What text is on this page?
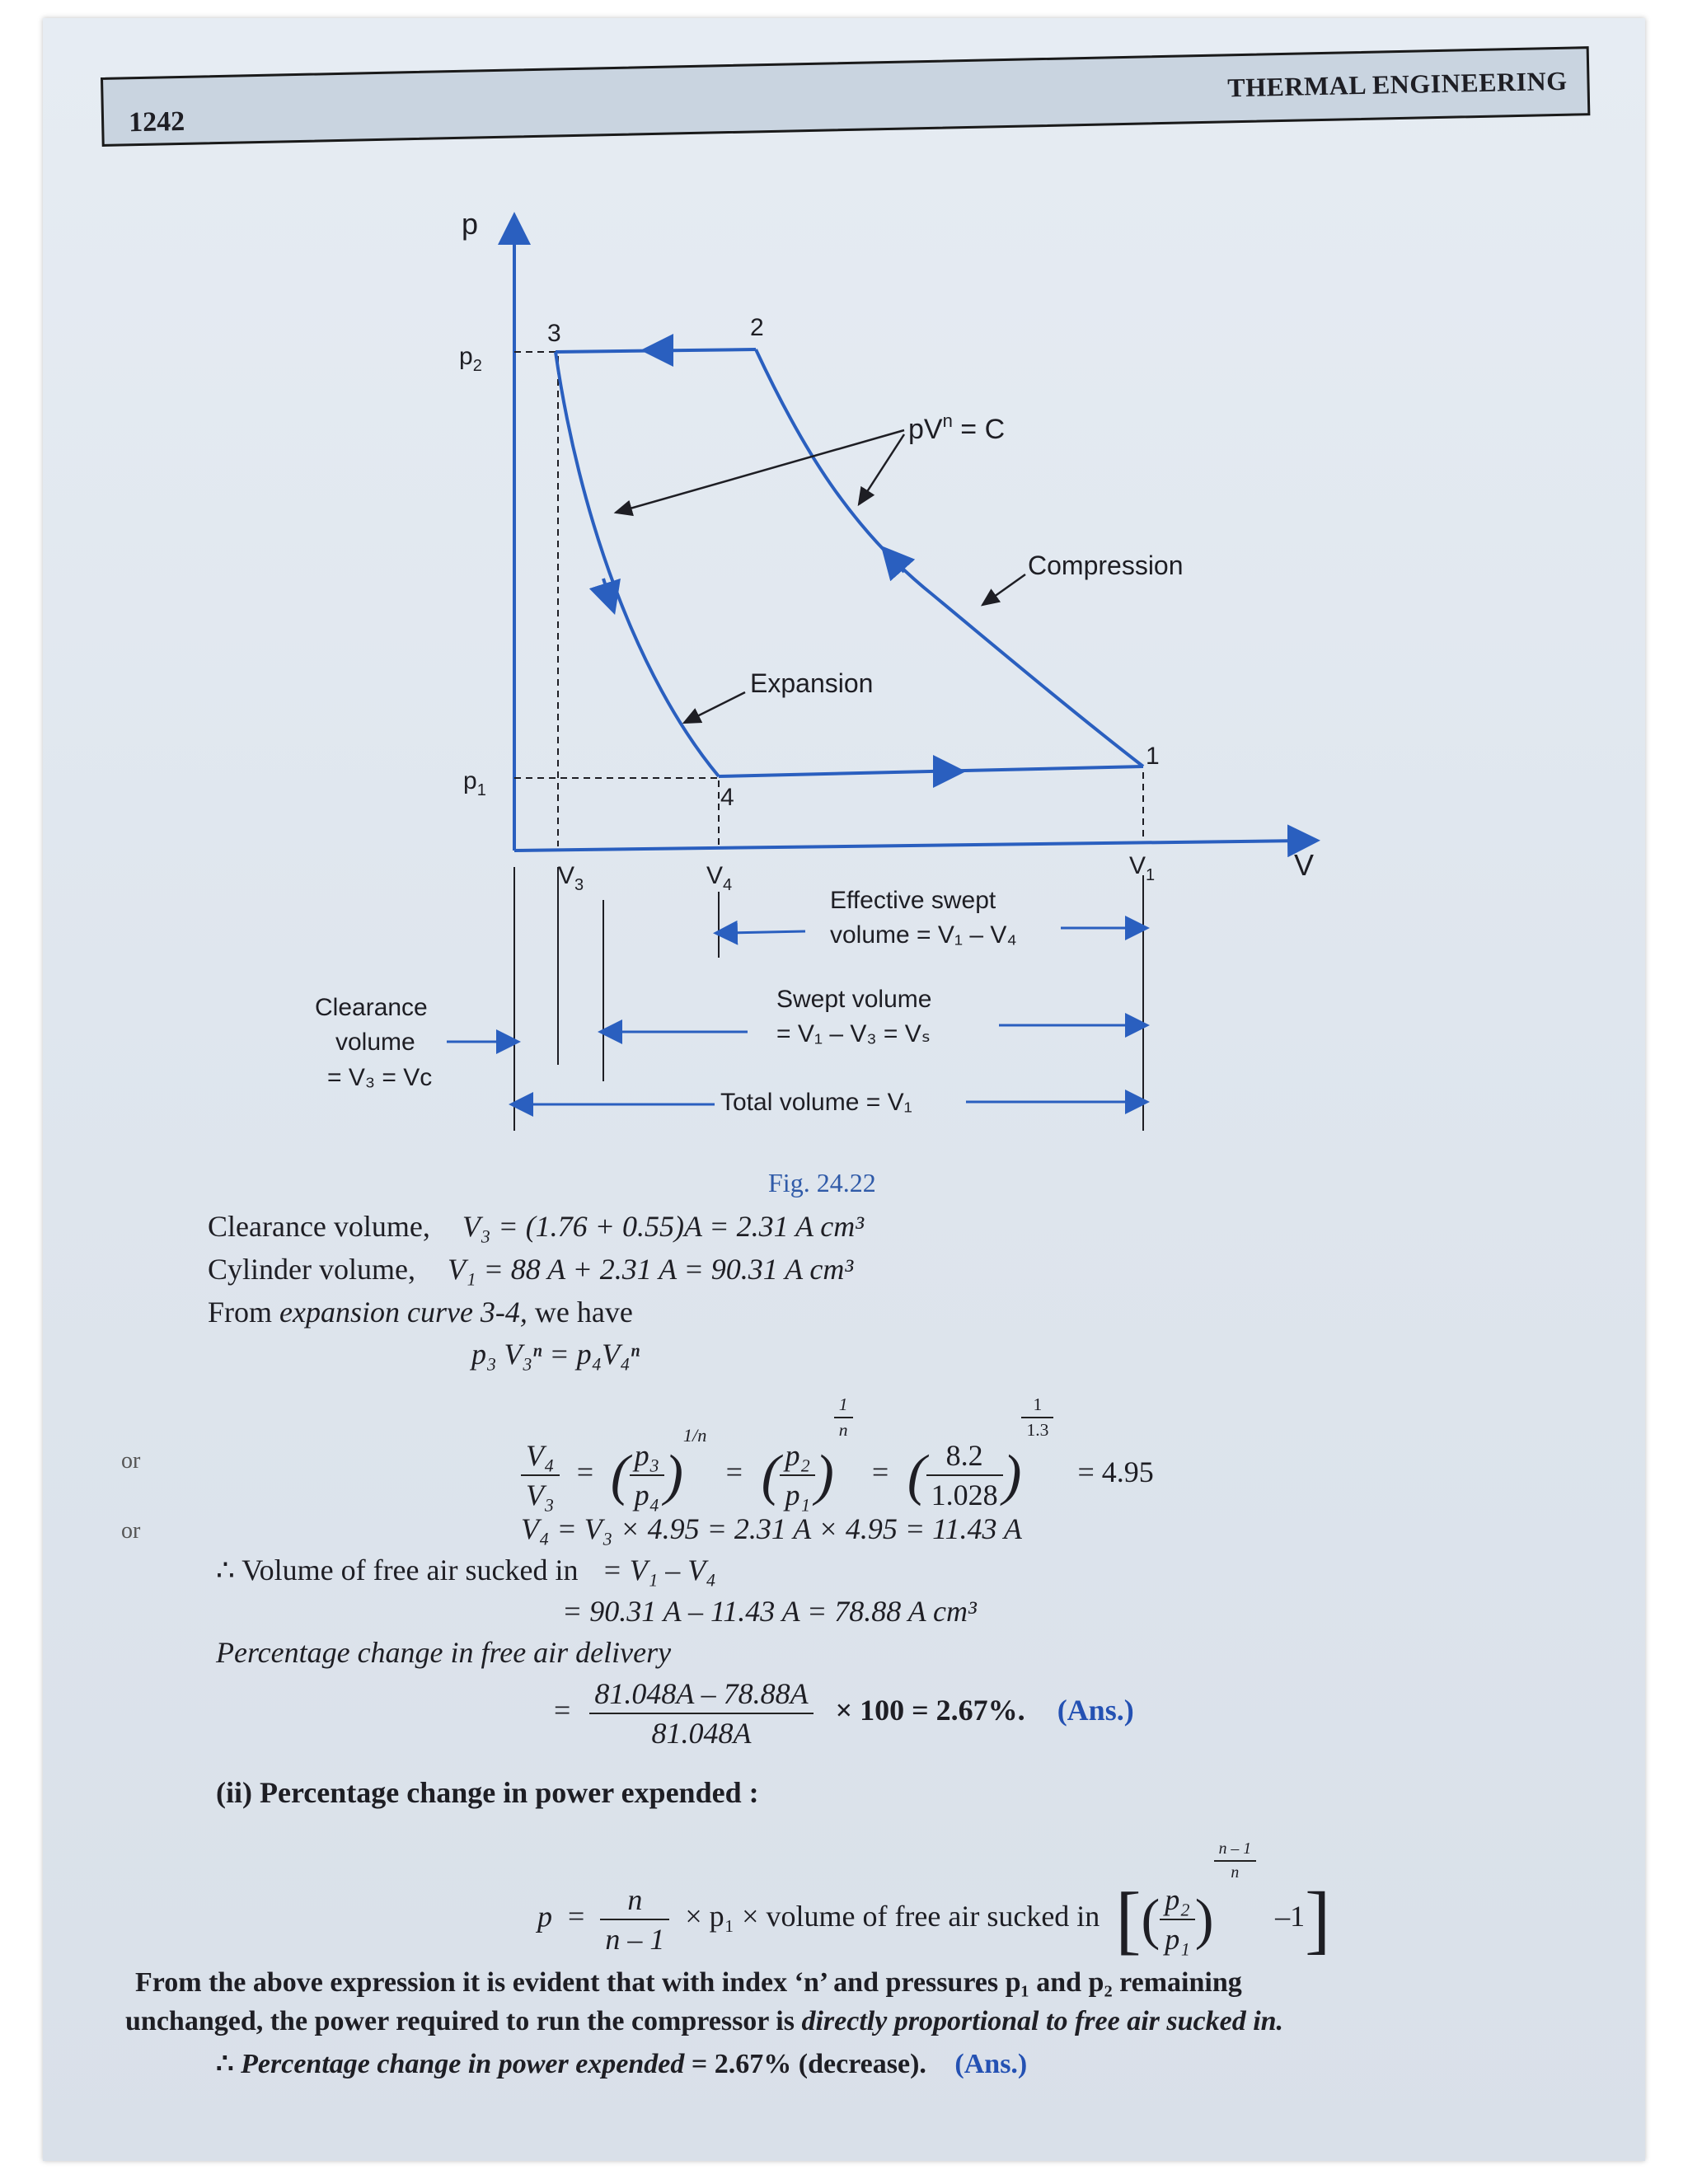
1242
THERMAL ENGINEERING
p
V
$p_2$
$p_1$
3	2
1
4
$V_3$	$V_4$
$V_1$
$pV^n = C$
Compression
Expansion
Effective swept
volume = V₁ – V₄
Swept volume
= V₁ – V₃ = Vₛ
Clearance
volume
= V₃ = Vᴄ
Total volume = V₁
Fig. 24.22
Clearance volume, V₃ = (1.76 + 0.55)A = 2.31 A cm³
Cylinder volume, V₁ = 88 A + 2.31 A = 90.31 A cm³
From expansion curve 3-4, we have
p₃ V₃ⁿ = p₄V₄ⁿ
or	$\frac{\text{V₄}}{\text{V₃}}$ = ( $\frac{\text{p₃}}{\text{p₄}} )^{1/n}$ = ( $\frac{\text{p₂}}{\text{p₁}}$ )
$\frac{1}{n}$
= ( $\frac{8.2}{1.028}$ )
$\frac{1}{1.3}$
= 4.95
or	V₄ = V₃ × 4.95 = 2.31 A × 4.95 = 11.43 A
∴ Volume of free air sucked in = V₁ – V₄
= 90.31 A – 11.43 A = 78.88 A cm³
Percentage change in free air delivery
= $\frac{81.048A - 78.88A}{81.048A} \times 100 = 2.67\%$. (Ans.)
(ii) Percentage change in power expended :
$p = \frac{n}{n - 1} \times p_1$ × volume of free air sucked in [( $\frac{\text{p₂}}{\text{p₁}}$ )
$\frac{n - 1}{n}$
–1]
From the above expression it is evident that with index ‘n’ and pressures p₁ and p₂ remaining
unchanged, the power required to run the compressor is directly proportional to free air sucked in.
∴ Percentage change in power expended = 2.67% (decrease). (Ans.)
